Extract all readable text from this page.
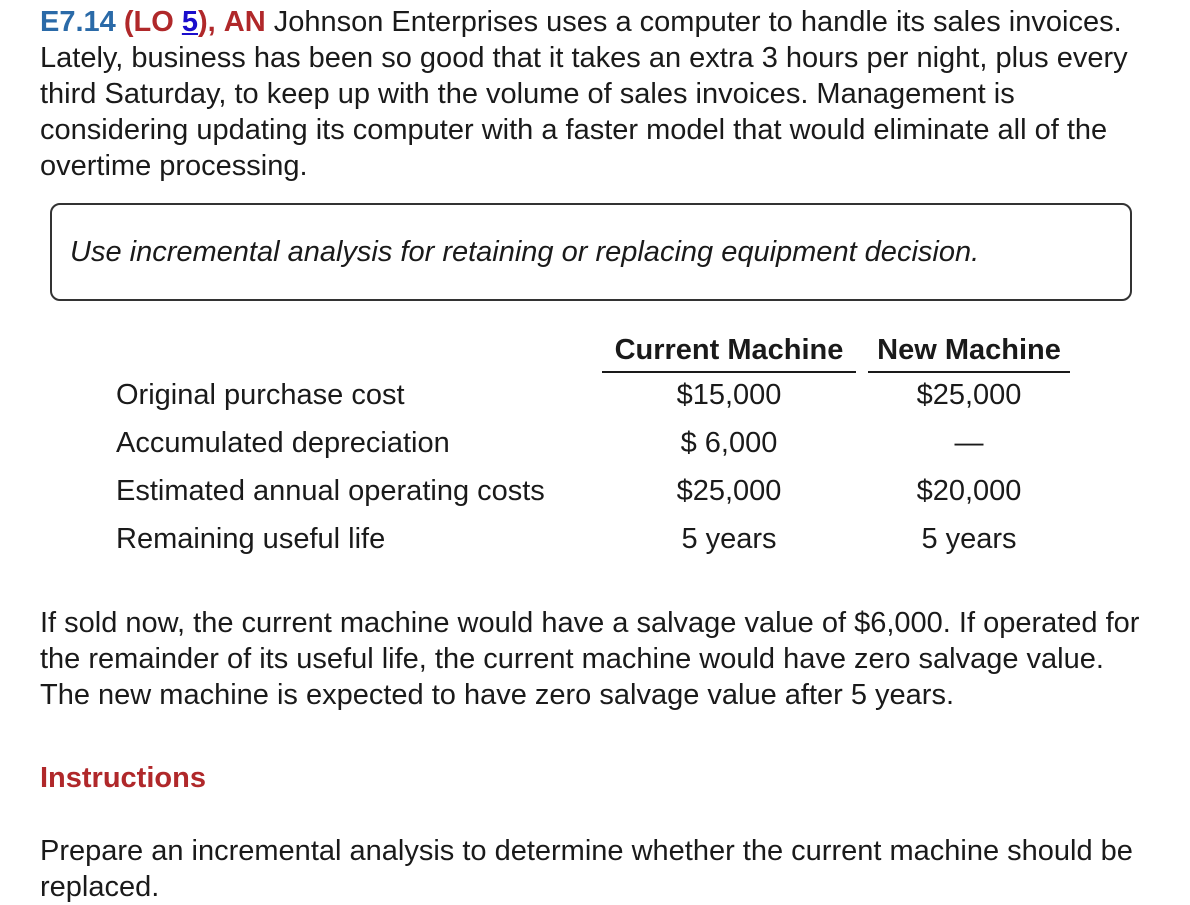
E7.14 (LO 5), AN Johnson Enterprises uses a computer to handle its sales invoices. Lately, business has been so good that it takes an extra 3 hours per night, plus every third Saturday, to keep up with the volume of sales invoices. Management is considering updating its computer with a faster model that would eliminate all of the overtime processing.

Use incremental analysis for retaining or replacing equipment decision.
Current Machine	New Machine
Original purchase cost	$15,000	$25,000
Accumulated depreciation	$ 6,000	—
Estimated annual operating costs	$25,000	$20,000
Remaining useful life	5 years	5 years

If sold now, the current machine would have a salvage value of $6,000. If operated for the remainder of its useful life, the current machine would have zero salvage value. The new machine is expected to have zero salvage value after 5 years.

Instructions

Prepare an incremental analysis to determine whether the current machine should be replaced.
